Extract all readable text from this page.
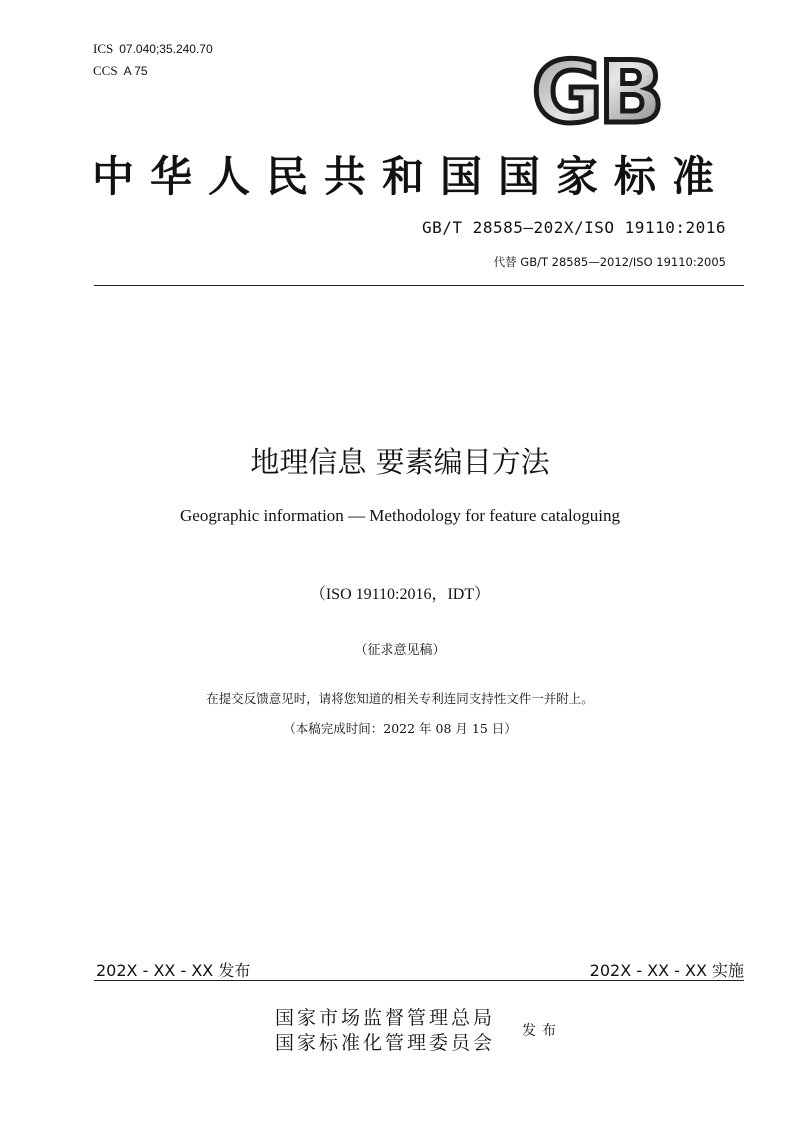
ICS 07.040;35.240.70
CCS A 75	GB
中华人民共和国国家标准
GB/T 28585—202X/ISO 19110:2016
代替 GB/T 28585—2012/ISO 19110:2005
地理信息 要素编目方法
Geographic information — Methodology for feature cataloguing
（ISO 19110:2016，IDT）
（征求意见稿）
在提交反馈意见时，请将您知道的相关专利连同支持性文件一并附上。
（本稿完成时间：2022 年 08 月 15 日）
202X - XX - XX 发布	202X - XX - XX 实施
国家市场监督管理总局
国家标准化管理委员会
发布
